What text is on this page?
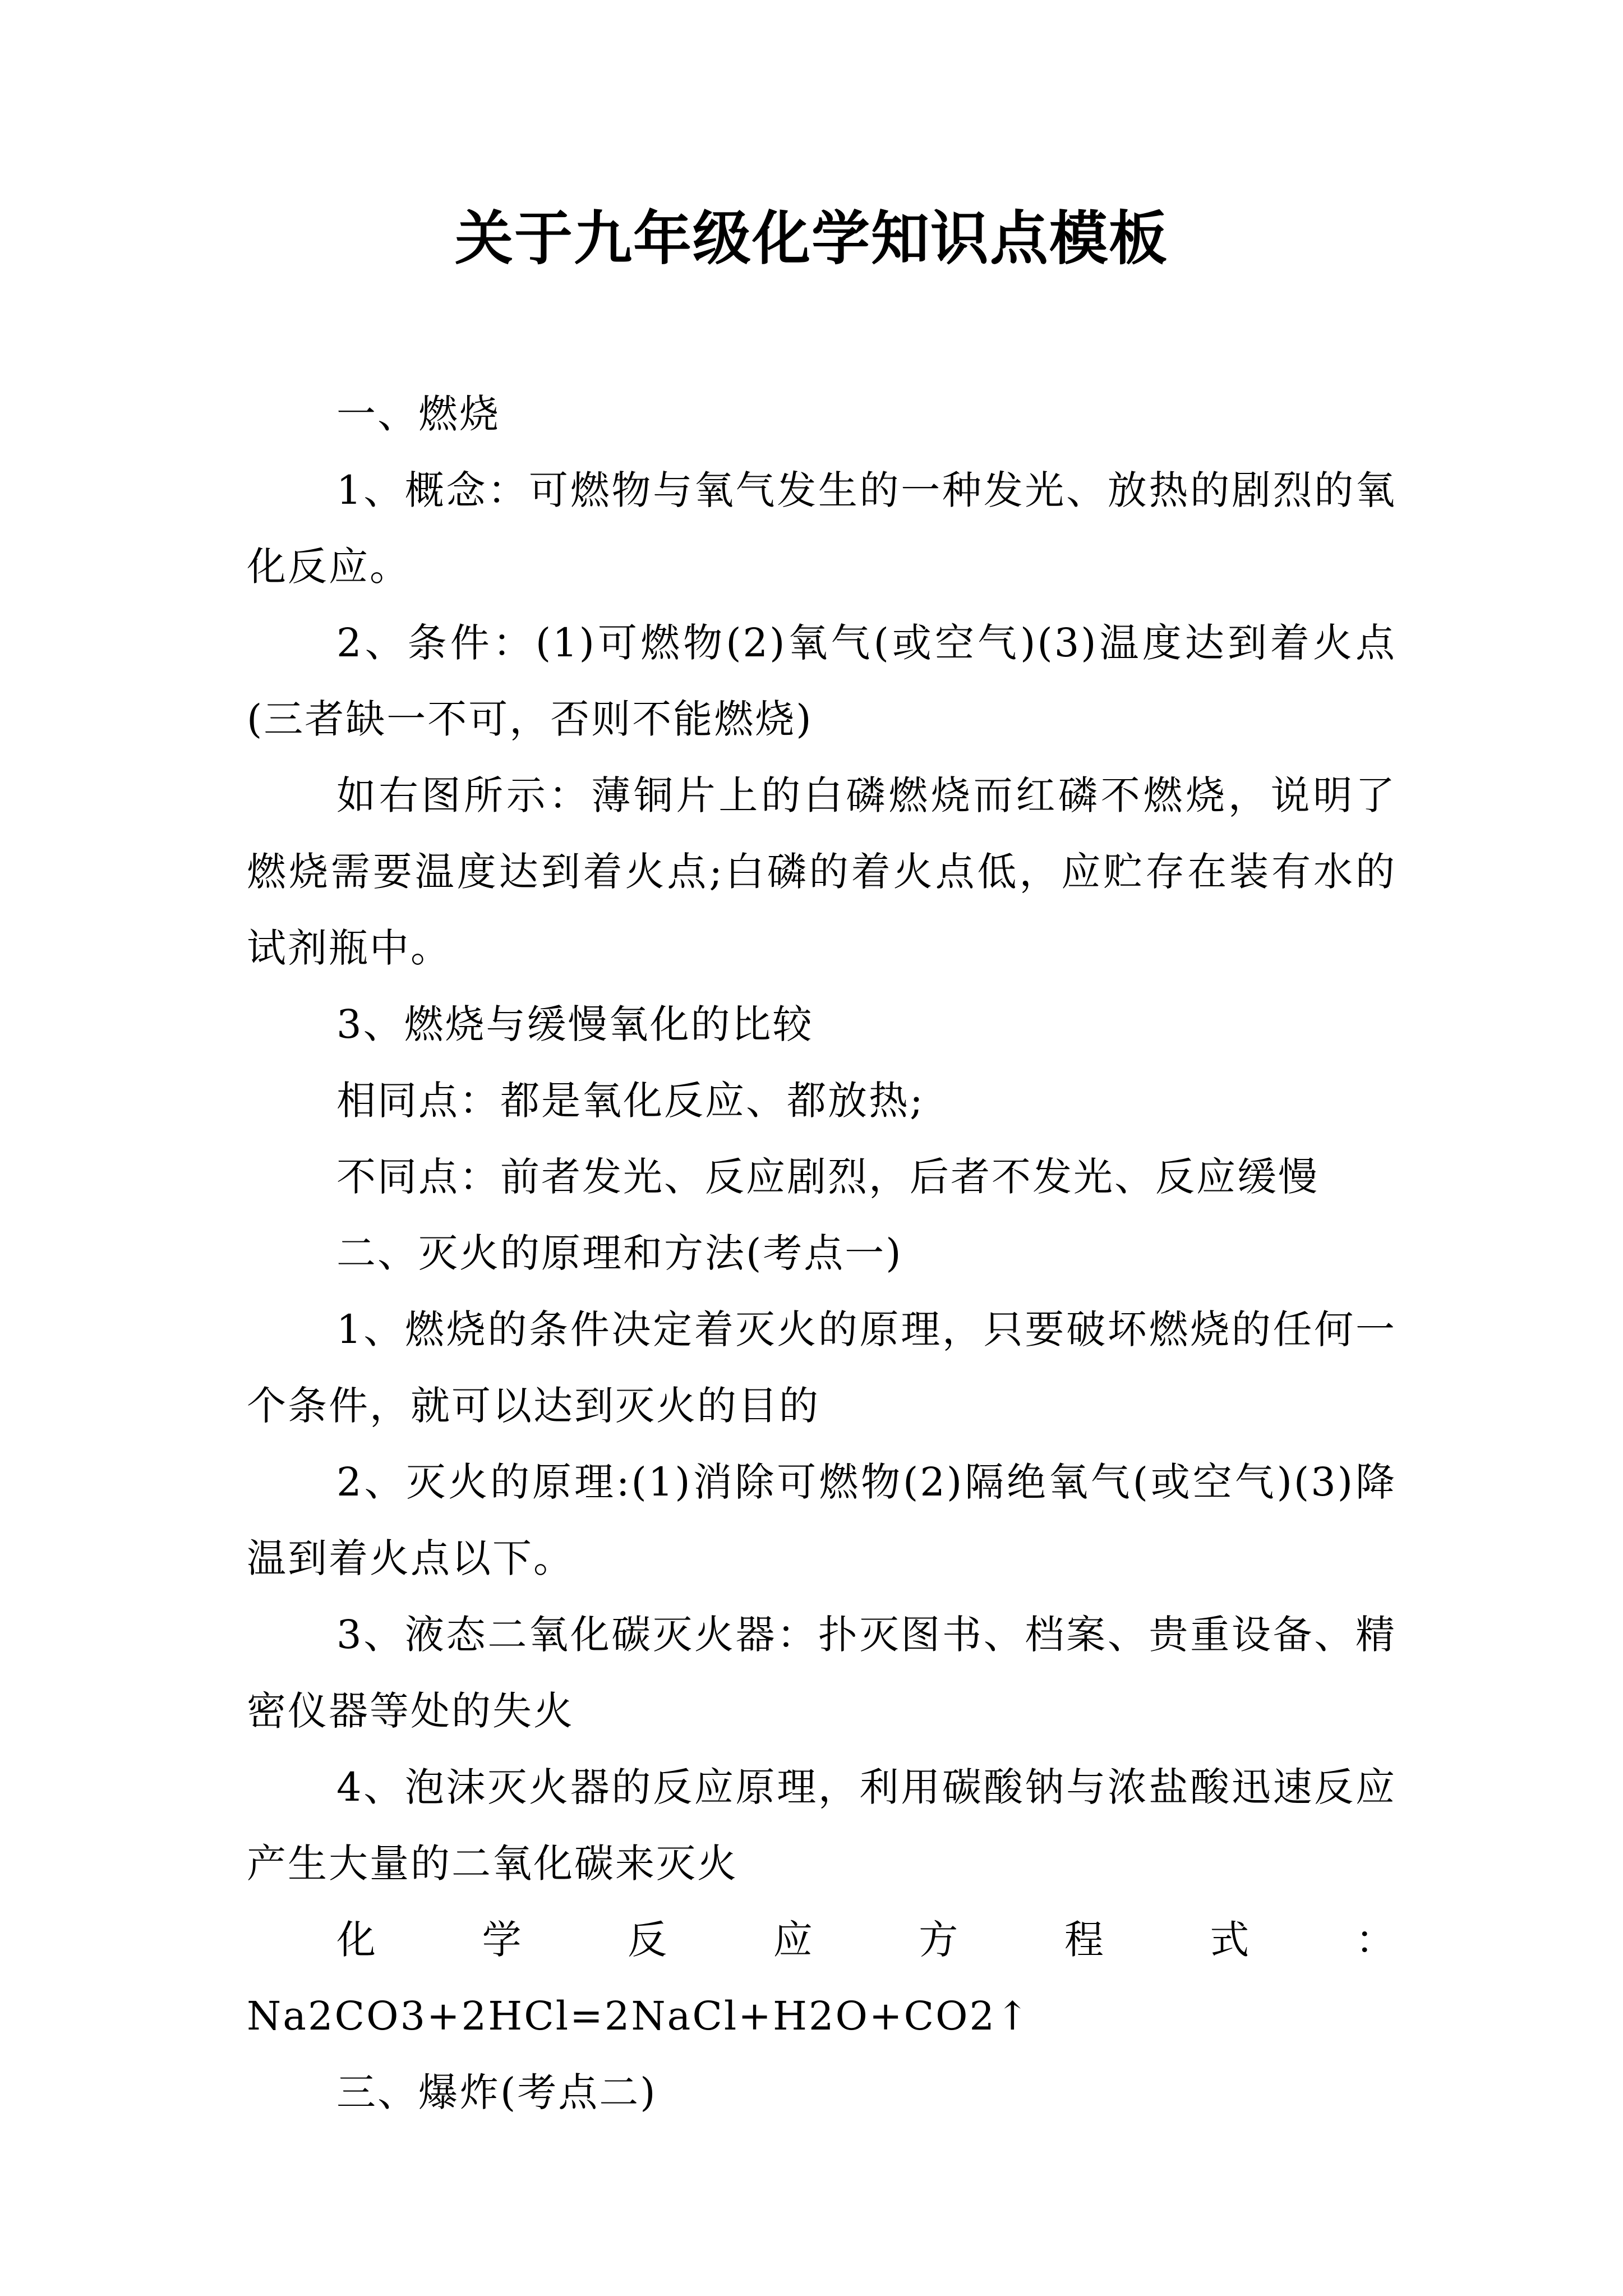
关于九年级化学知识点模板

一、燃烧

1、概念：可燃物与氧气发生的一种发光、放热的剧烈的氧化反应。

2、条件：(1)可燃物(2)氧气(或空气)(3)温度达到着火点(三者缺一不可，否则不能燃烧)

如右图所示：薄铜片上的白磷燃烧而红磷不燃烧，说明了燃烧需要温度达到着火点;白磷的着火点低，应贮存在装有水的试剂瓶中。

3、燃烧与缓慢氧化的比较

相同点：都是氧化反应、都放热;

不同点：前者发光、反应剧烈，后者不发光、反应缓慢

二、灭火的原理和方法(考点一)

1、燃烧的条件决定着灭火的原理，只要破坏燃烧的任何一个条件，就可以达到灭火的目的

2、灭火的原理:(1)消除可燃物(2)隔绝氧气(或空气)(3)降温到着火点以下。

3、液态二氧化碳灭火器：扑灭图书、档案、贵重设备、精密仪器等处的失火

4、泡沫灭火器的反应原理，利用碳酸钠与浓盐酸迅速反应产生大量的二氧化碳来灭火

化学反应方程式：Na2CO3+2HCl=2NaCl+H2O+CO2↑

三、爆炸(考点二)
